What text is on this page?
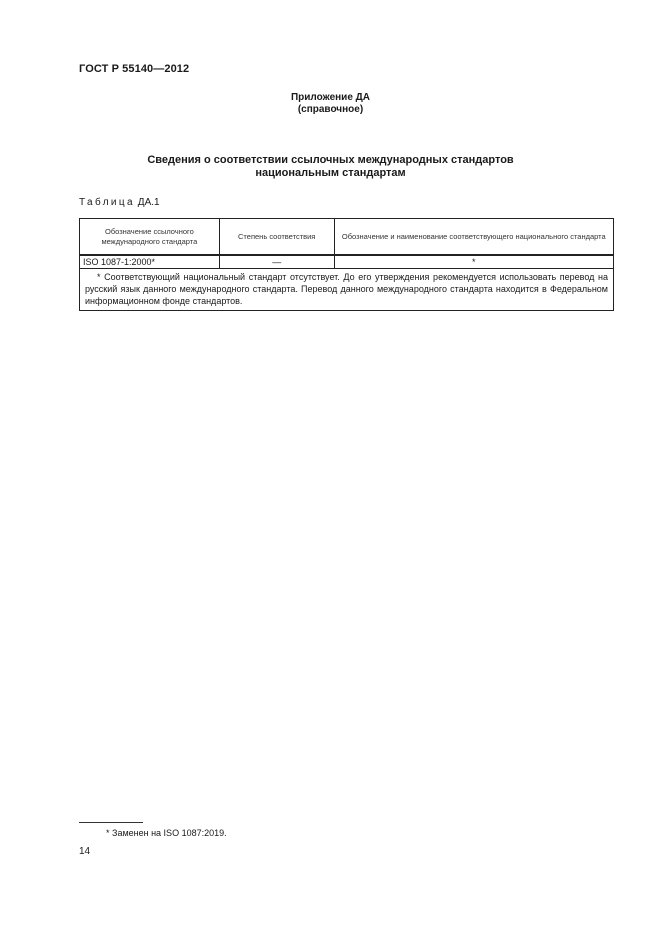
ГОСТ Р 55140—2012
Приложение ДА
(справочное)
Сведения о соответствии ссылочных международных стандартов
национальным стандартам
Таблица ДА.1
Обозначение ссылочного международного стандарта	Степень соответствия	Обозначение и наименование соответствующего национального стандарта
ISO 1087-1:2000*	—	*
* Соответствующий национальный стандарт отсутствует. До его утверждения рекомендуется использовать перевод на русский язык данного международного стандарта. Перевод данного международного стандарта находится в Федеральном информационном фонде стандартов.		
* Заменен на ISO 1087:2019.
14
